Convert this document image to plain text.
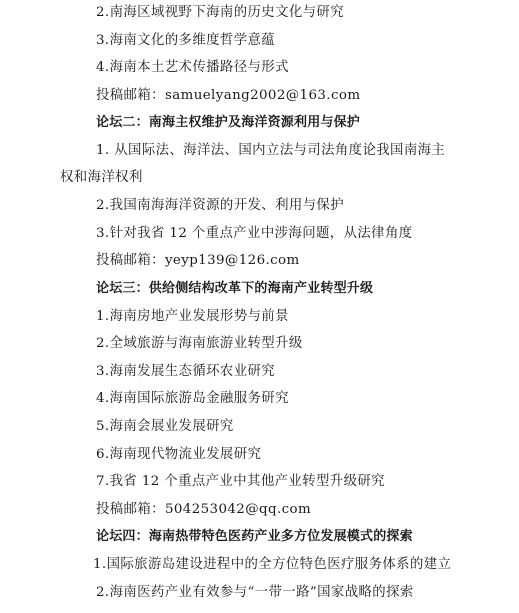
2.南海区域视野下海南的历史文化与研究
3.海南文化的多维度哲学意蕴
4.海南本土艺术传播路径与形式
投稿邮箱：samuelyang2002@163.com
论坛二：南海主权维护及海洋资源利用与保护
1. 从国际法、海洋法、国内立法与司法角度论我国南海主
权和海洋权利
2.我国南海海洋资源的开发、利用与保护
3.针对我省 12 个重点产业中涉海问题，从法律角度
投稿邮箱：yeyp139@126.com
论坛三：供给侧结构改革下的海南产业转型升级
1.海南房地产业发展形势与前景
2.全域旅游与海南旅游业转型升级
3.海南发展生态循环农业研究
4.海南国际旅游岛金融服务研究
5.海南会展业发展研究
6.海南现代物流业发展研究
7.我省 12 个重点产业中其他产业转型升级研究
投稿邮箱：504253042@qq.com
论坛四：海南热带特色医药产业多方位发展模式的探索
1.国际旅游岛建设进程中的全方位特色医疗服务体系的建立
2.海南医药产业有效参与“一带一路”国家战略的探索
